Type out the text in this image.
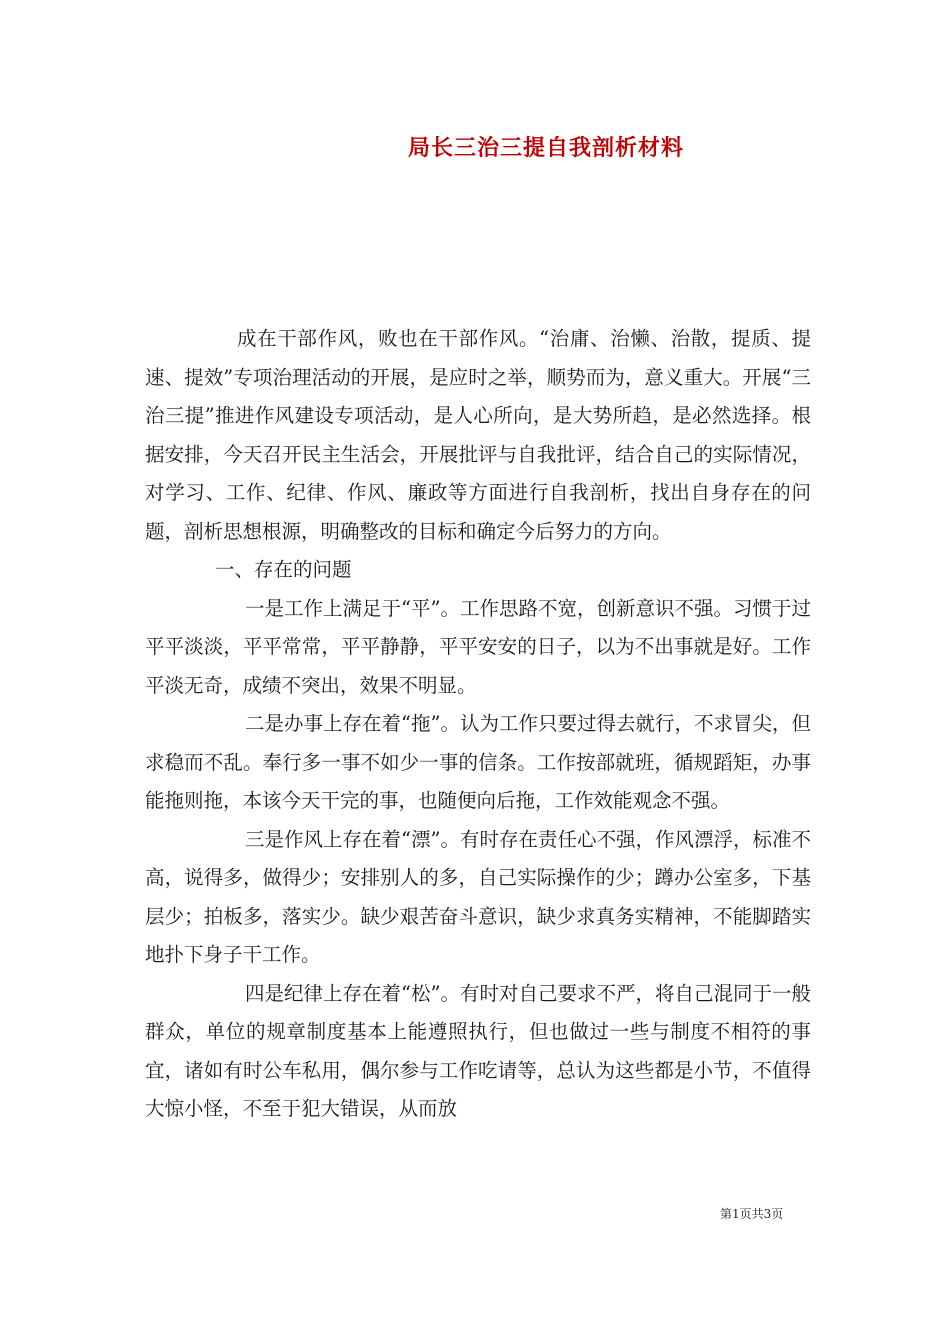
局长三治三提自我剖析材料

成在干部作风，败也在干部作风。“治庸、治懒、治散，提质、提速、提效”专项治理活动的开展，是应时之举，顺势而为，意义重大。开展“三治三提”推进作风建设专项活动，是人心所向，是大势所趋，是必然选择。根据安排，今天召开民主生活会，开展批评与自我批评，结合自己的实际情况，对学习、工作、纪律、作风、廉政等方面进行自我剖析，找出自身存在的问题，剖析思想根源，明确整改的目标和确定今后努力的方向。

一、存在的问题

一是工作上满足于“平”。工作思路不宽，创新意识不强。习惯于过平平淡淡，平平常常，平平静静，平平安安的日子，以为不出事就是好。工作平淡无奇，成绩不突出，效果不明显。

二是办事上存在着“拖”。认为工作只要过得去就行，不求冒尖，但求稳而不乱。奉行多一事不如少一事的信条。工作按部就班，循规蹈矩，办事能拖则拖，本该今天干完的事，也随便向后拖，工作效能观念不强。

三是作风上存在着“漂”。有时存在责任心不强，作风漂浮，标准不高，说得多，做得少；安排别人的多，自己实际操作的少；蹲办公室多，下基层少；拍板多，落实少。缺少艰苦奋斗意识，缺少求真务实精神，不能脚踏实地扑下身子干工作。

四是纪律上存在着“松”。有时对自己要求不严，将自己混同于一般群众，单位的规章制度基本上能遵照执行，但也做过一些与制度不相符的事宜，诸如有时公车私用，偶尔参与工作吃请等，总认为这些都是小节，不值得大惊小怪，不至于犯大错误，从而放

第1页共3页
